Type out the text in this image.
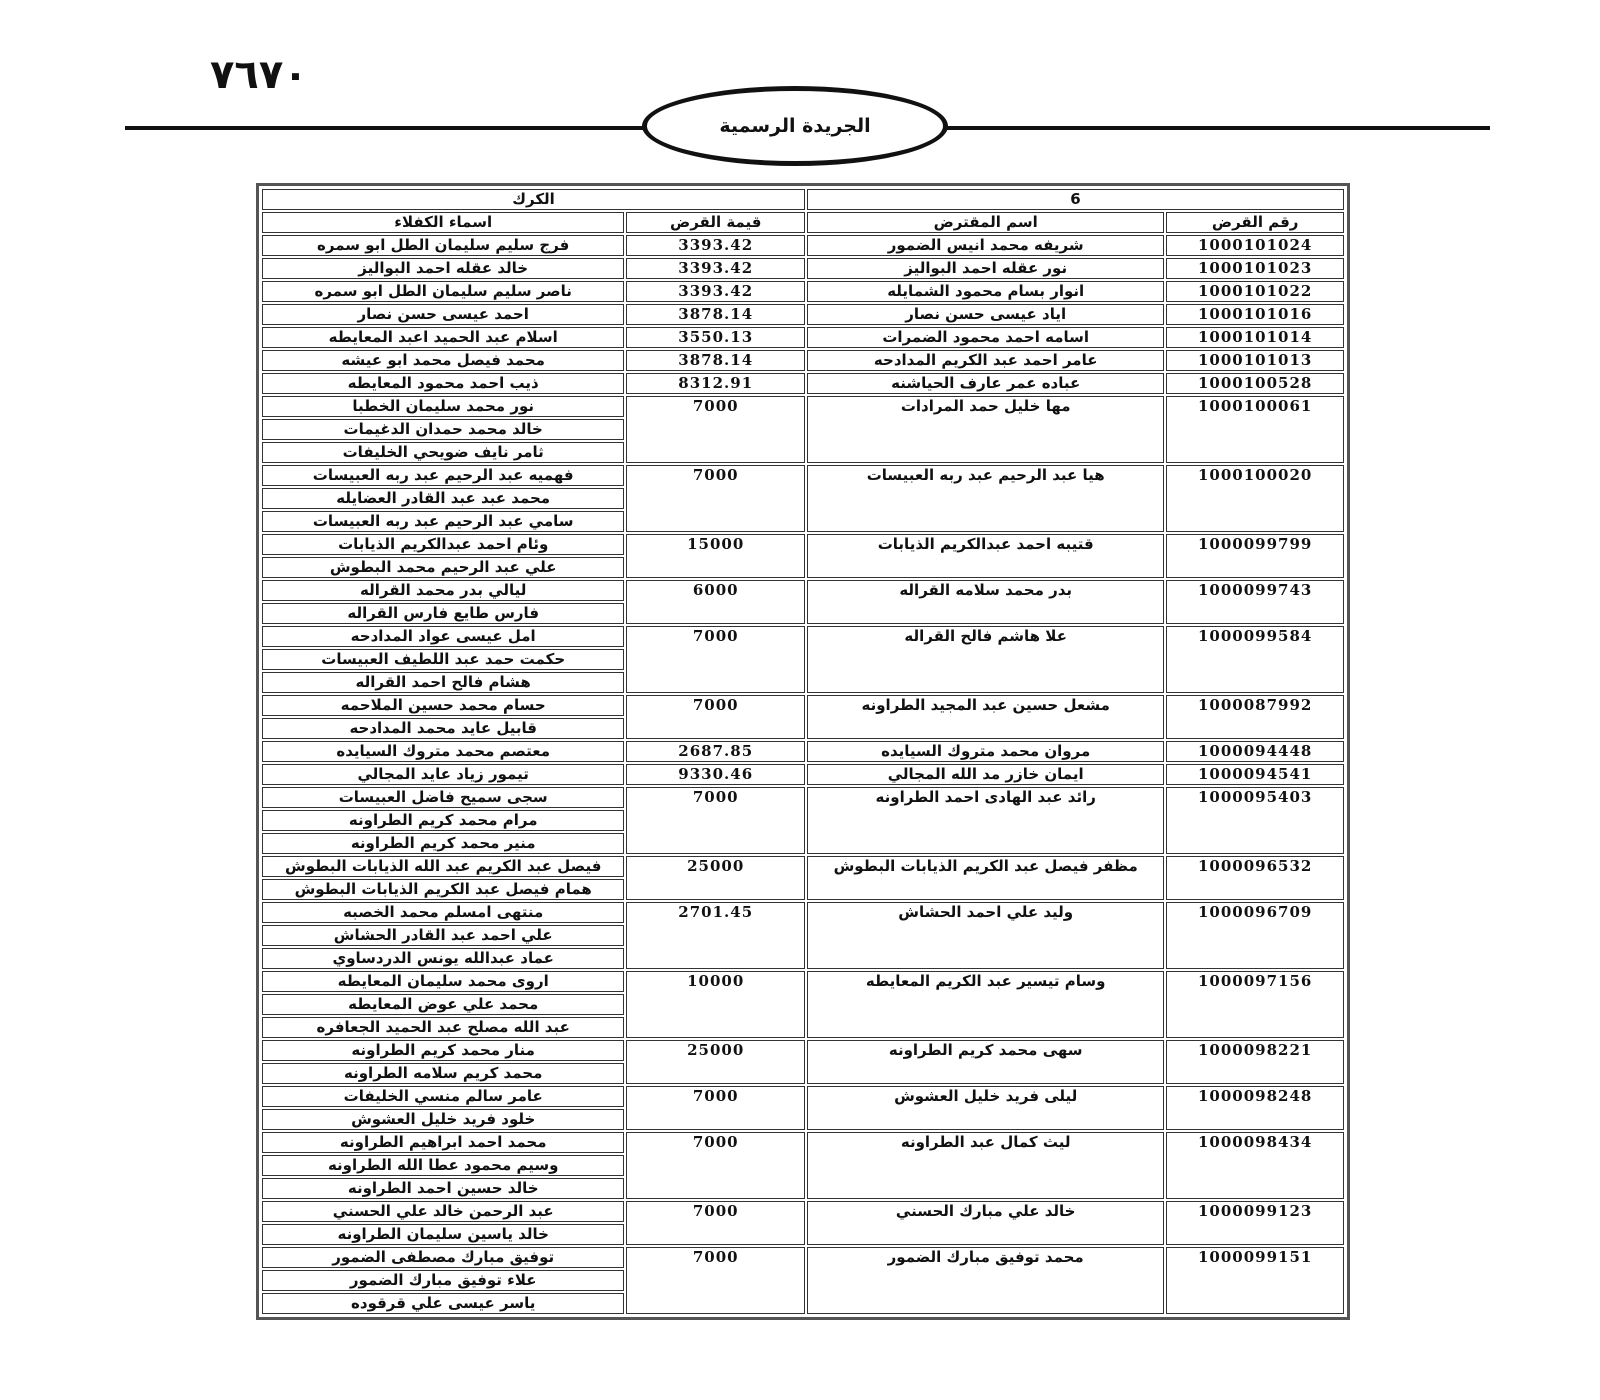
٧٦٧٠
الجريدة الرسمية
الكرك		6	
اسماء الكفلاء	قيمة القرض	اسم المقترض	رقم القرض
فرج سليم سليمان الطل ابو سمره	3393.42	شريفه محمد انيس الضمور	1000101024
خالد عقله احمد البواليز	3393.42	نور عقله احمد البواليز	1000101023
ناصر سليم سليمان الطل ابو سمره	3393.42	انوار بسام محمود الشمايله	1000101022
احمد عيسى حسن نصار	3878.14	اياد عيسى حسن نصار	1000101016
اسلام عبد الحميد اعبد المعايطه	3550.13	اسامه احمد محمود الضمرات	1000101014
محمد فيصل محمد ابو عيشه	3878.14	عامر احمد عبد الكريم المدادحه	1000101013
ذيب احمد محمود المعايطه	8312.91	عباده عمر عارف الحياشنه	1000100528
نور محمد سليمان الخطبا	7000	مها خليل حمد المرادات	1000100061
خالد محمد حمدان الدغيمات			
ثامر نايف ضويحي الخليفات			
فهميه عبد الرحيم عبد ربه العبيسات	7000	هيا عبد الرحيم عبد ربه العبيسات	1000100020
محمد عبد عبد القادر العضايله			
سامي عبد الرحيم عبد ربه العبيسات			
وئام احمد عبدالكريم الذيابات	15000	قتيبه احمد عبدالكريم الذيابات	1000099799
علي عبد الرحيم محمد البطوش			
ليالي بدر محمد القراله	6000	بدر محمد سلامه القراله	1000099743
فارس طايع فارس القراله			
امل عيسى عواد المدادحه	7000	علا هاشم فالح القراله	1000099584
حكمت حمد عبد اللطيف العبيسات			
هشام فالح احمد القراله			
حسام محمد حسين الملاحمه	7000	مشعل حسين عبد المجيد الطراونه	1000087992
قابيل عايد محمد المدادحه			
معتصم محمد متروك السيايده	2687.85	مروان محمد متروك السيايده	1000094448
تيمور زياد عايد المجالي	9330.46	ايمان خازر مد الله المجالي	1000094541
سجى سميح فاضل العبيسات	7000	رائد عبد الهادى احمد الطراونه	1000095403
مرام محمد كريم الطراونه			
منير محمد كريم الطراونه			
فيصل عبد الكريم عبد الله الذيابات البطوش	25000	مظفر فيصل عبد الكريم الذيابات البطوش	1000096532
همام فيصل عبد الكريم الذيابات البطوش			
منتهى امسلم محمد الخصبه	2701.45	وليد علي احمد الحشاش	1000096709
علي احمد عبد القادر الحشاش			
عماد عبدالله يونس الدردساوي			
اروى محمد سليمان المعايطه	10000	وسام تيسير عبد الكريم المعايطه	1000097156
محمد علي عوض المعايطه			
عبد الله مصلح عبد الحميد الجعافره			
منار محمد كريم الطراونه	25000	سهى محمد كريم الطراونه	1000098221
محمد كريم سلامه الطراونه			
عامر سالم منسي الخليفات	7000	ليلى فريد خليل العشوش	1000098248
خلود فريد خليل العشوش			
محمد احمد ابراهيم الطراونه	7000	ليث كمال عبد الطراونه	1000098434
وسيم محمود عطا الله الطراونه			
خالد حسين احمد الطراونه			
عبد الرحمن خالد علي الحسني	7000	خالد علي مبارك الحسني	1000099123
خالد ياسين سليمان الطراونه			
توفيق مبارك مصطفى الضمور	7000	محمد توفيق مبارك الضمور	1000099151
علاء توفيق مبارك الضمور			
ياسر عيسى علي قرقوده			
